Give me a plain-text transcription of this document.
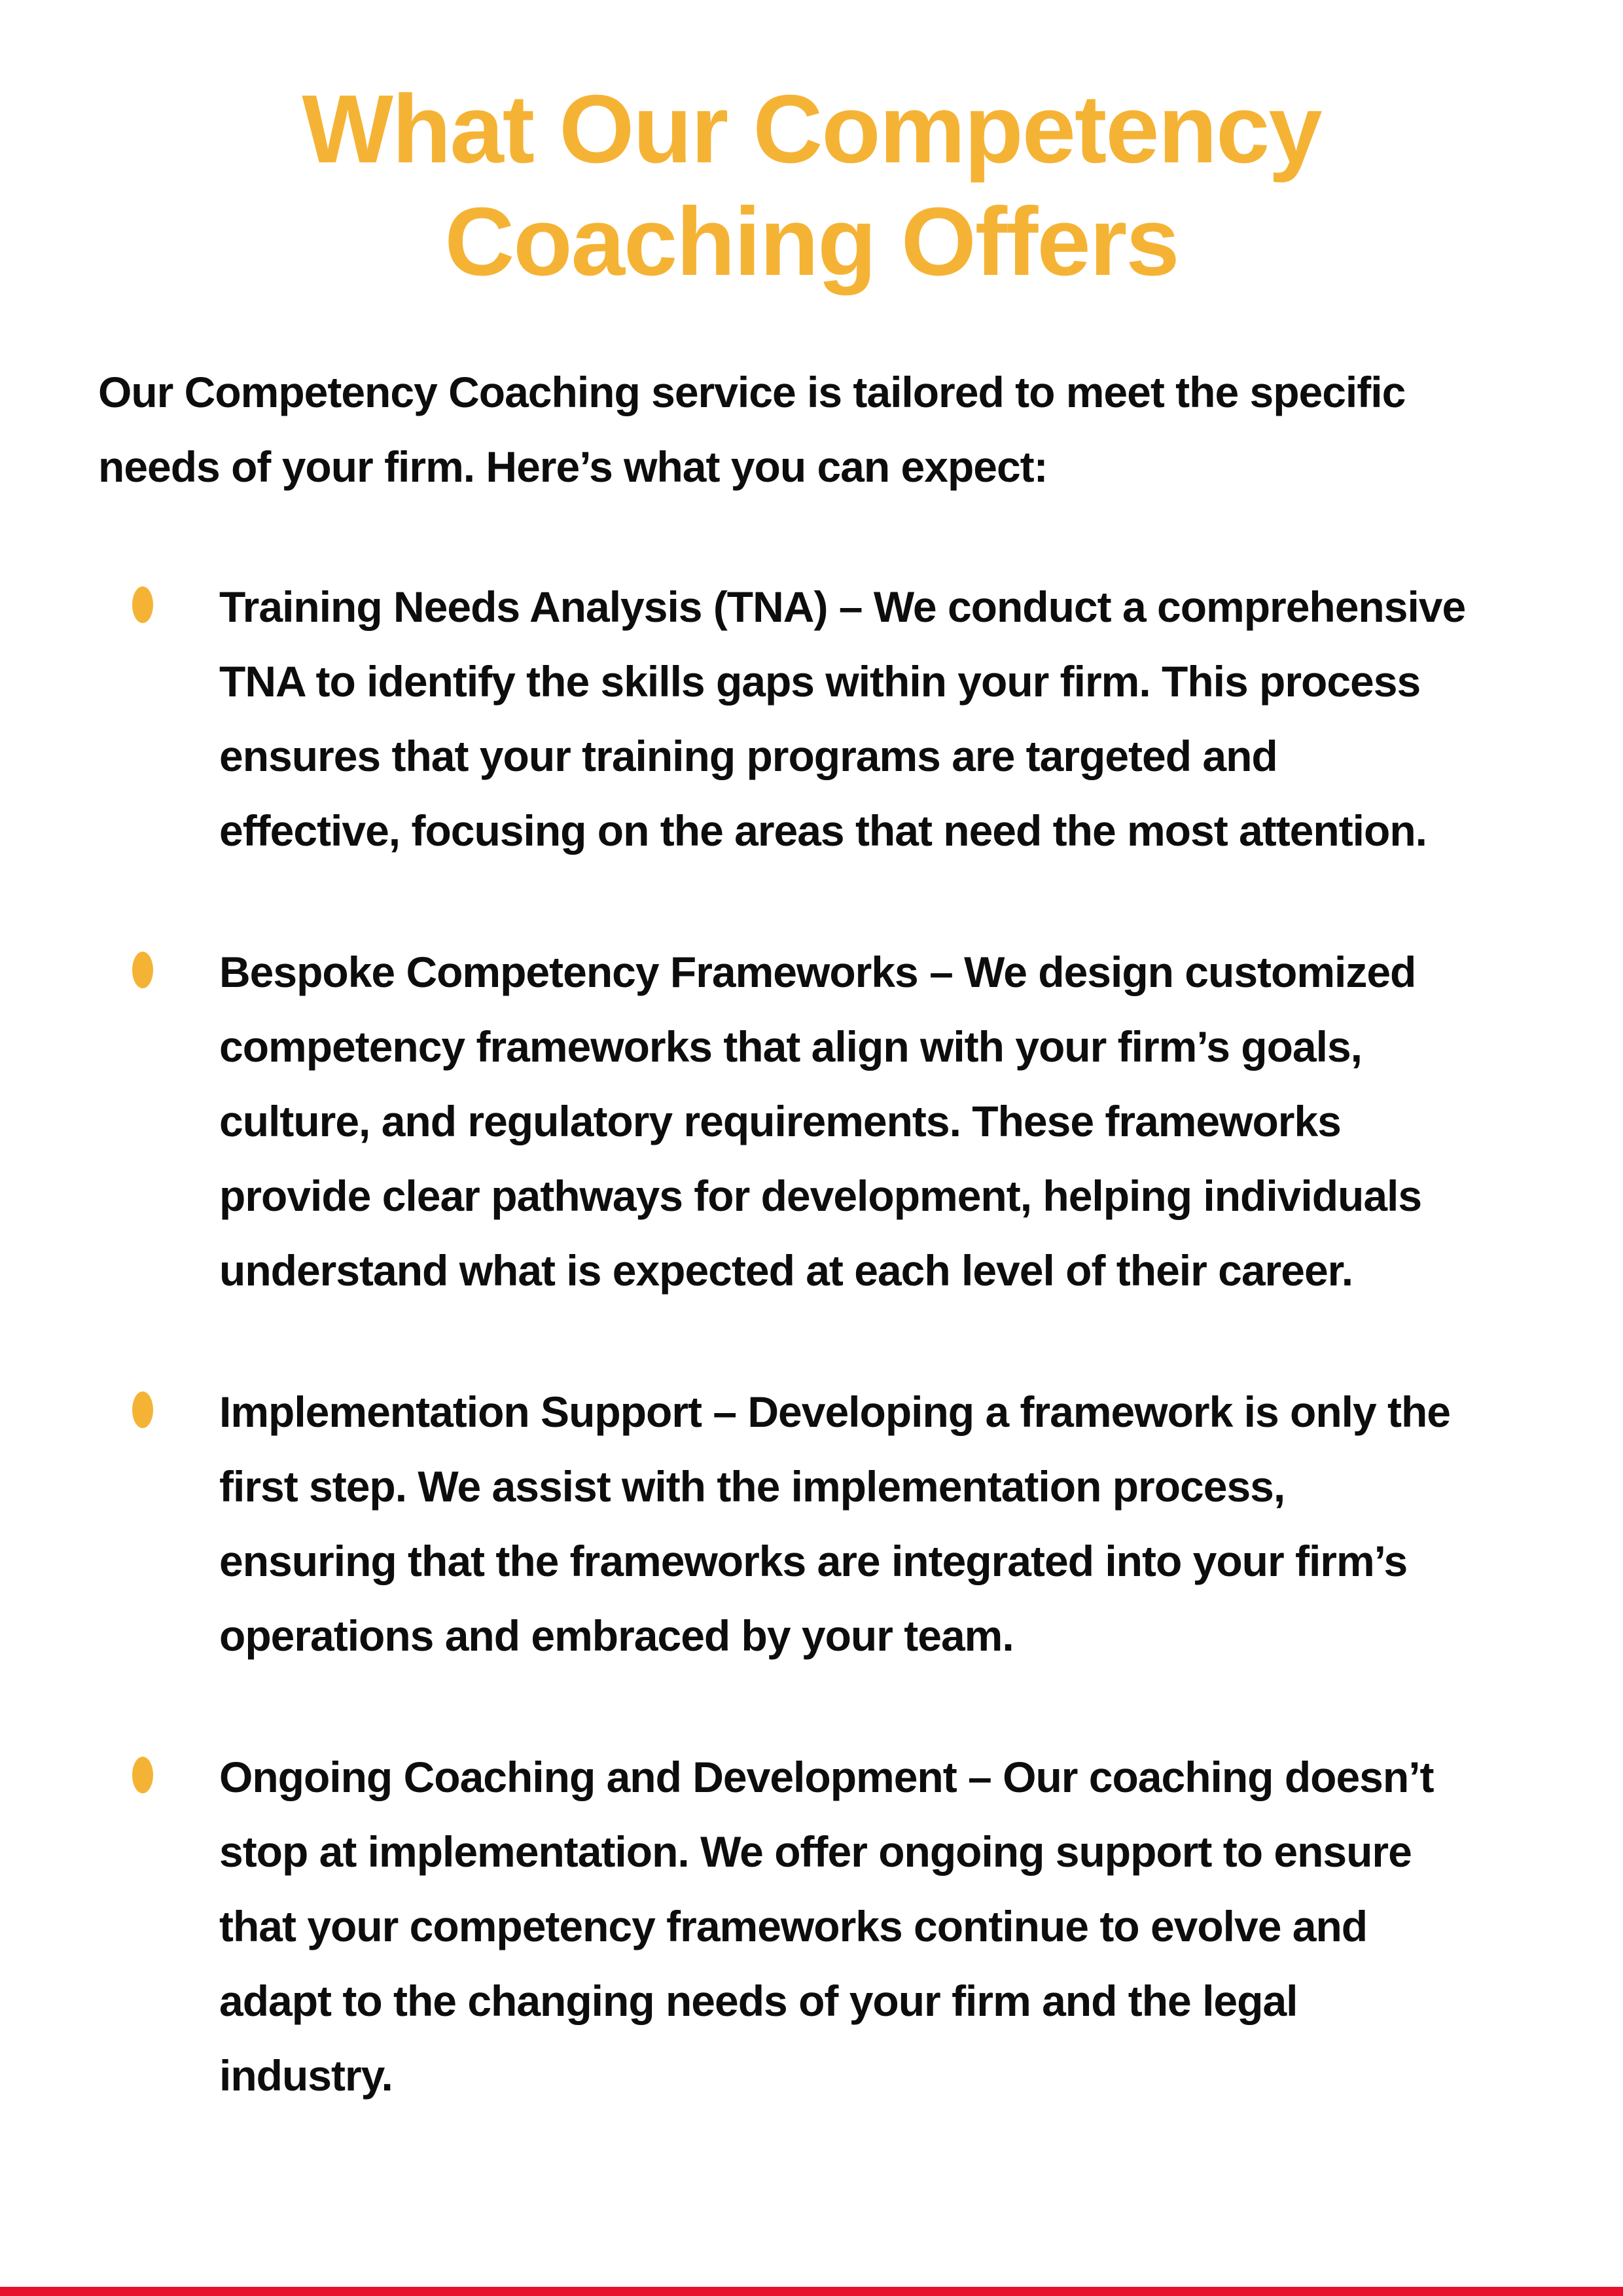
What Our Competency Coaching Offers

Our Competency Coaching service is tailored to meet the specific needs of your firm. Here’s what you can expect:

Training Needs Analysis (TNA) – We conduct a comprehensive TNA to identify the skills gaps within your firm. This process ensures that your training programs are targeted and effective, focusing on the areas that need the most attention.
Bespoke Competency Frameworks – We design customized competency frameworks that align with your firm’s goals, culture, and regulatory requirements. These frameworks provide clear pathways for development, helping individuals understand what is expected at each level of their career.
Implementation Support – Developing a framework is only the first step. We assist with the implementation process, ensuring that the frameworks are integrated into your firm’s operations and embraced by your team.
Ongoing Coaching and Development – Our coaching doesn’t stop at implementation. We offer ongoing support to ensure that your competency frameworks continue to evolve and adapt to the changing needs of your firm and the legal industry.
